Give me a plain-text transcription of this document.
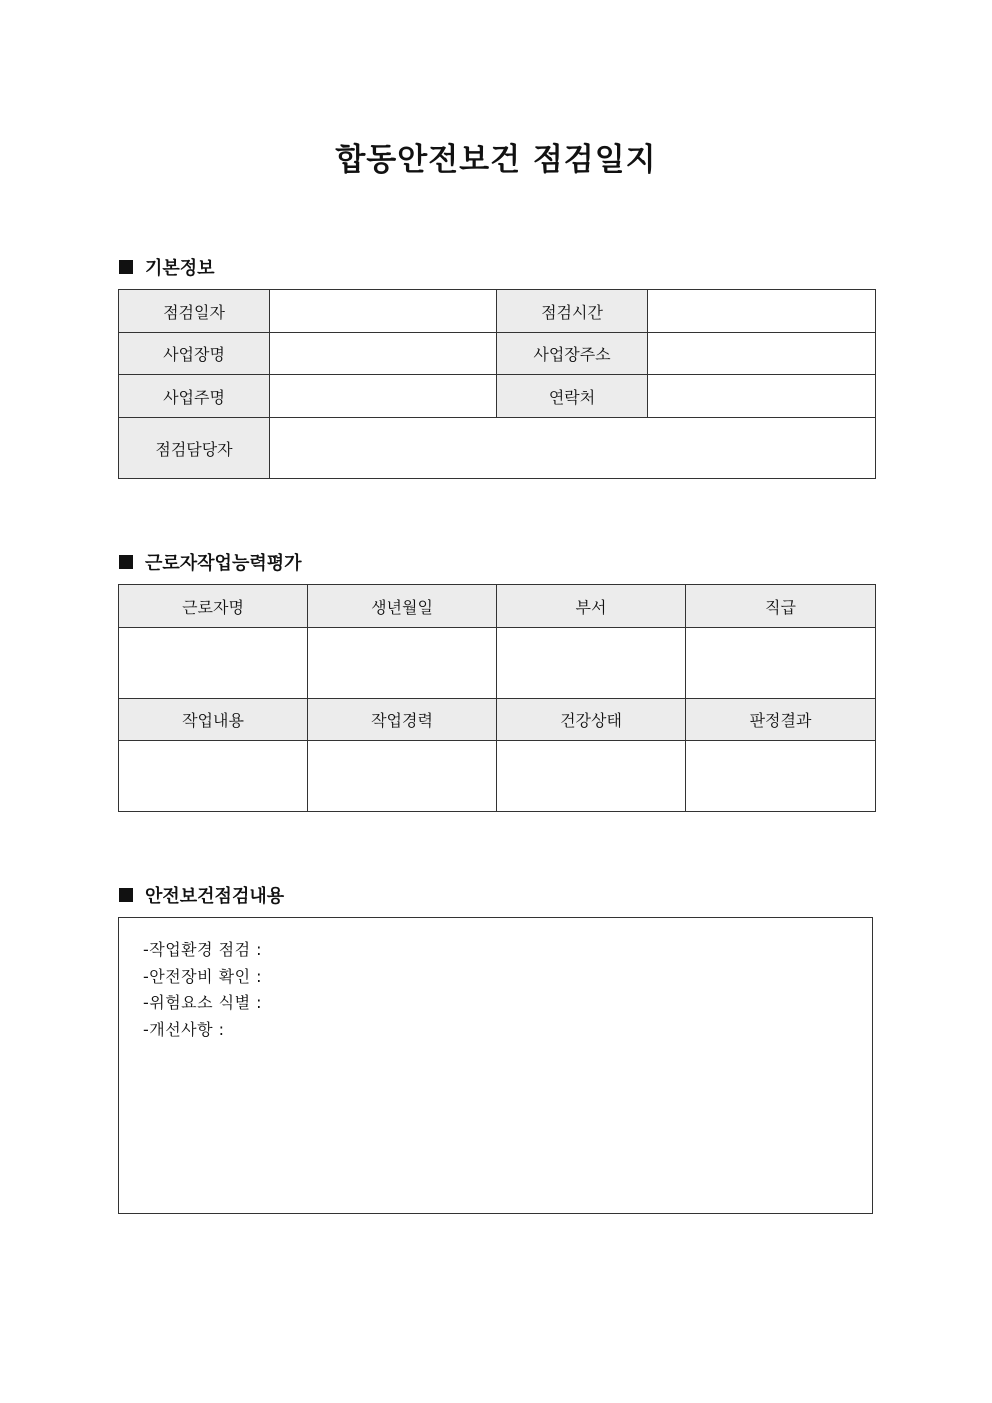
합동안전보건 점검일지
기본정보
점검일자		점검시간	
사업장명		사업장주소	
사업주명		연락처	
점검담당자			
근로자작업능력평가
근로자명	생년월일	부서	직급

작업내용	작업경력	건강상태	판정결과

안전보건점검내용
-작업환경 점검 :
-안전장비 확인 :
-위험요소 식별 :
-개선사항 :
